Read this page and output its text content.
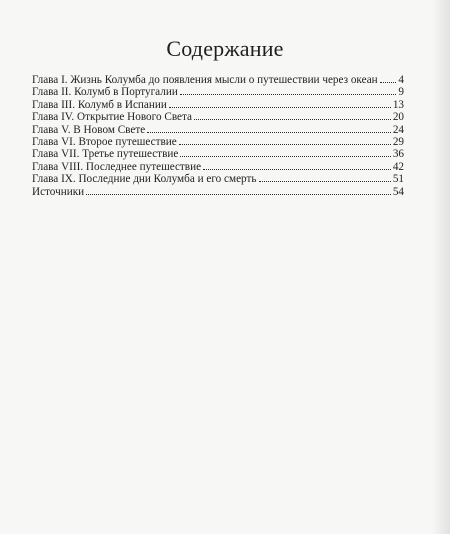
Содержание
Глава I. Жизнь Колумба до появления мысли о путешествии через океан 4
Глава II. Колумб в Португалии	9
Глава III. Колумб в Испании	13
Глава IV. Открытие Нового Света	20
Глава V. В Новом Свете	24
Глава VI. Второе путешествие	29
Глава VII. Третье путешествие	36
Глава VIII. Последнее путешествие	42
Глава IX. Последние дни Колумба и его смерть	51
Источники	54
